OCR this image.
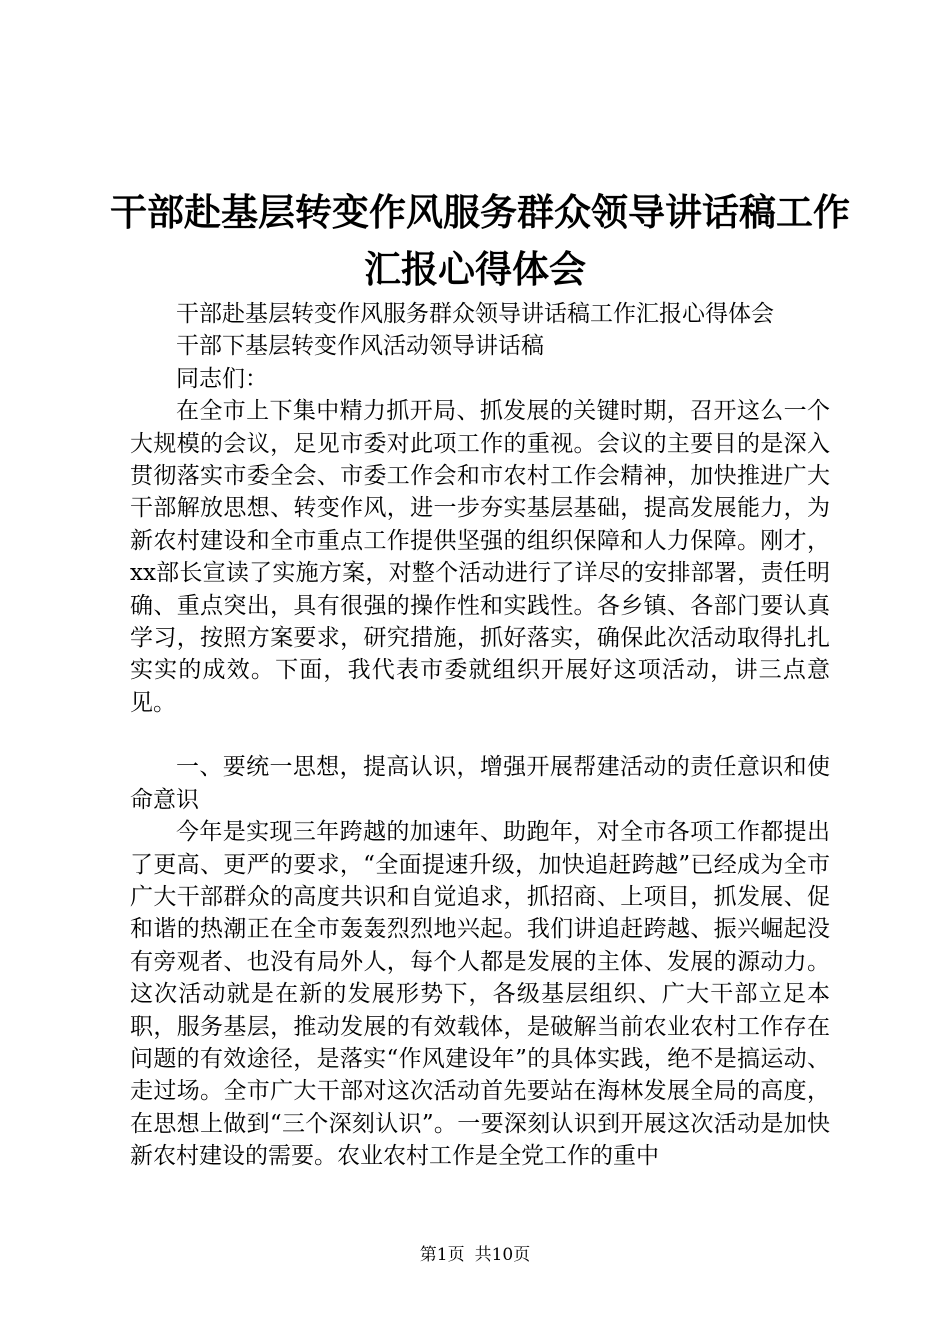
干部赴基层转变作风服务群众领导讲话稿工作
汇报心得体会

干部赴基层转变作风服务群众领导讲话稿工作汇报心得体会

干部下基层转变作风活动领导讲话稿

同志们：

在全市上下集中精力抓开局、抓发展的关键时期，召开这么一个大规模的会议，足见市委对此项工作的重视。会议的主要目的是深入贯彻落实市委全会、市委工作会和市农村工作会精神，加快推进广大干部解放思想、转变作风，进一步夯实基层基础，提高发展能力，为新农村建设和全市重点工作提供坚强的组织保障和人力保障。刚才，xx部长宣读了实施方案，对整个活动进行了详尽的安排部署，责任明确、重点突出，具有很强的操作性和实践性。各乡镇、各部门要认真学习，按照方案要求，研究措施，抓好落实，确保此次活动取得扎扎实实的成效。下面，我代表市委就组织开展好这项活动，讲三点意见。

一、要统一思想，提高认识，增强开展帮建活动的责任意识和使命意识

今年是实现三年跨越的加速年、助跑年，对全市各项工作都提出了更高、更严的要求，“全面提速升级，加快追赶跨越”已经成为全市广大干部群众的高度共识和自觉追求，抓招商、上项目，抓发展、促和谐的热潮正在全市轰轰烈烈地兴起。我们讲追赶跨越、振兴崛起没有旁观者、也没有局外人，每个人都是发展的主体、发展的源动力。这次活动就是在新的发展形势下，各级基层组织、广大干部立足本职，服务基层，推动发展的有效载体，是破解当前农业农村工作存在问题的有效途径，是落实“作风建设年”的具体实践，绝不是搞运动、走过场。全市广大干部对这次活动首先要站在海林发展全局的高度，在思想上做到“三个深刻认识”。一要深刻认识到开展这次活动是加快新农村建设的需要。农业农村工作是全党工作的重中

第1页 共10页
